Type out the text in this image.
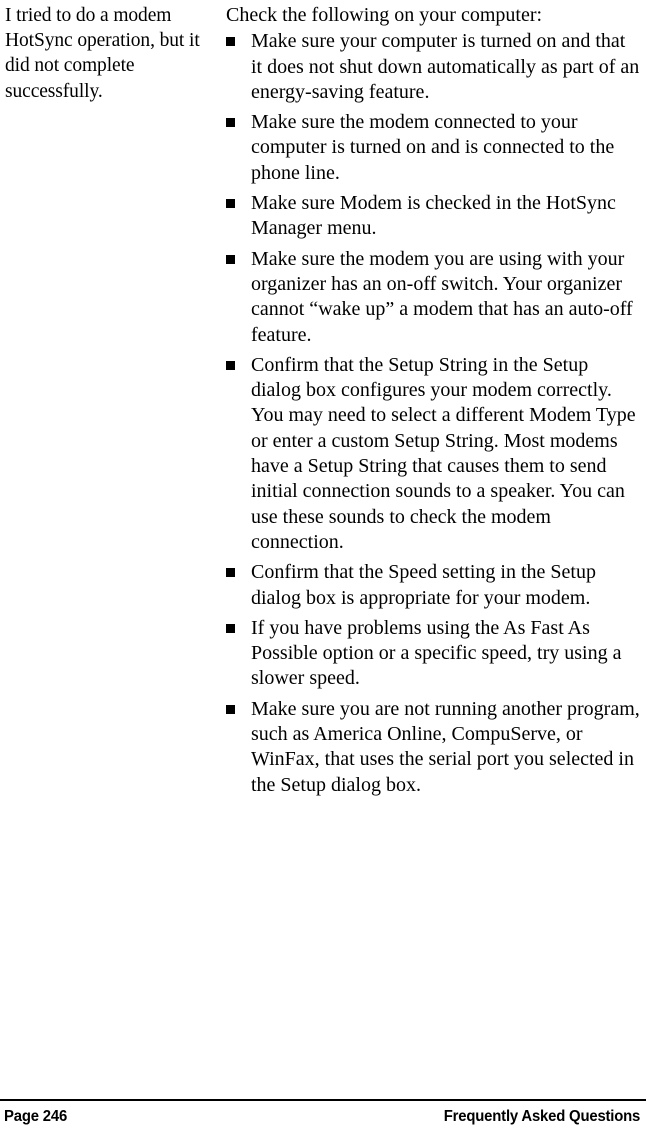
I tried to do a modem HotSync operation, but it did not complete successfully.

Check the following on your computer:

Make sure your computer is turned on and that it does not shut down automatically as part of an energy-saving feature.
Make sure the modem connected to your computer is turned on and is connected to the phone line.
Make sure Modem is checked in the HotSync Manager menu.
Make sure the modem you are using with your organizer has an on-off switch. Your organizer cannot “wake up” a modem that has an auto-off feature.
Confirm that the Setup String in the Setup dialog box configures your modem correctly. You may need to select a different Modem Type or enter a custom Setup String. Most modems have a Setup String that causes them to send initial connection sounds to a speaker. You can use these sounds to check the modem connection.
Confirm that the Speed setting in the Setup dialog box is appropriate for your modem.
If you have problems using the As Fast As Possible option or a specific speed, try using a slower speed.
Make sure you are not running another program, such as America Online, CompuServe, or WinFax, that uses the serial port you selected in the Setup dialog box.
Page 246	Frequently Asked Questions
